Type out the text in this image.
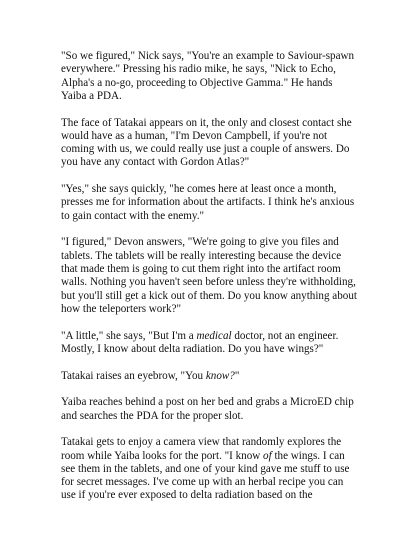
"So we figured," Nick says, "You're an example to Saviour-spawn
everywhere." Pressing his radio mike, he says, "Nick to Echo,
Alpha's a no-go, proceeding to Objective Gamma." He hands
Yaiba a PDA.

The face of Tatakai appears on it, the only and closest contact she
would have as a human, "I'm Devon Campbell, if you're not
coming with us, we could really use just a couple of answers. Do
you have any contact with Gordon Atlas?"

"Yes," she says quickly, "he comes here at least once a month,
presses me for information about the artifacts. I think he's anxious
to gain contact with the enemy."

"I figured," Devon answers, "We're going to give you files and
tablets. The tablets will be really interesting because the device
that made them is going to cut them right into the artifact room
walls. Nothing you haven't seen before unless they're withholding,
but you'll still get a kick out of them. Do you know anything about
how the teleporters work?"

"A little," she says, "But I'm a medical doctor, not an engineer.
Mostly, I know about delta radiation. Do you have wings?"

Tatakai raises an eyebrow, "You know?"

Yaiba reaches behind a post on her bed and grabs a MicroED chip
and searches the PDA for the proper slot.

Tatakai gets to enjoy a camera view that randomly explores the
room while Yaiba looks for the port. "I know of the wings. I can
see them in the tablets, and one of your kind gave me stuff to use
for secret messages. I've come up with an herbal recipe you can
use if you're ever exposed to delta radiation based on the
